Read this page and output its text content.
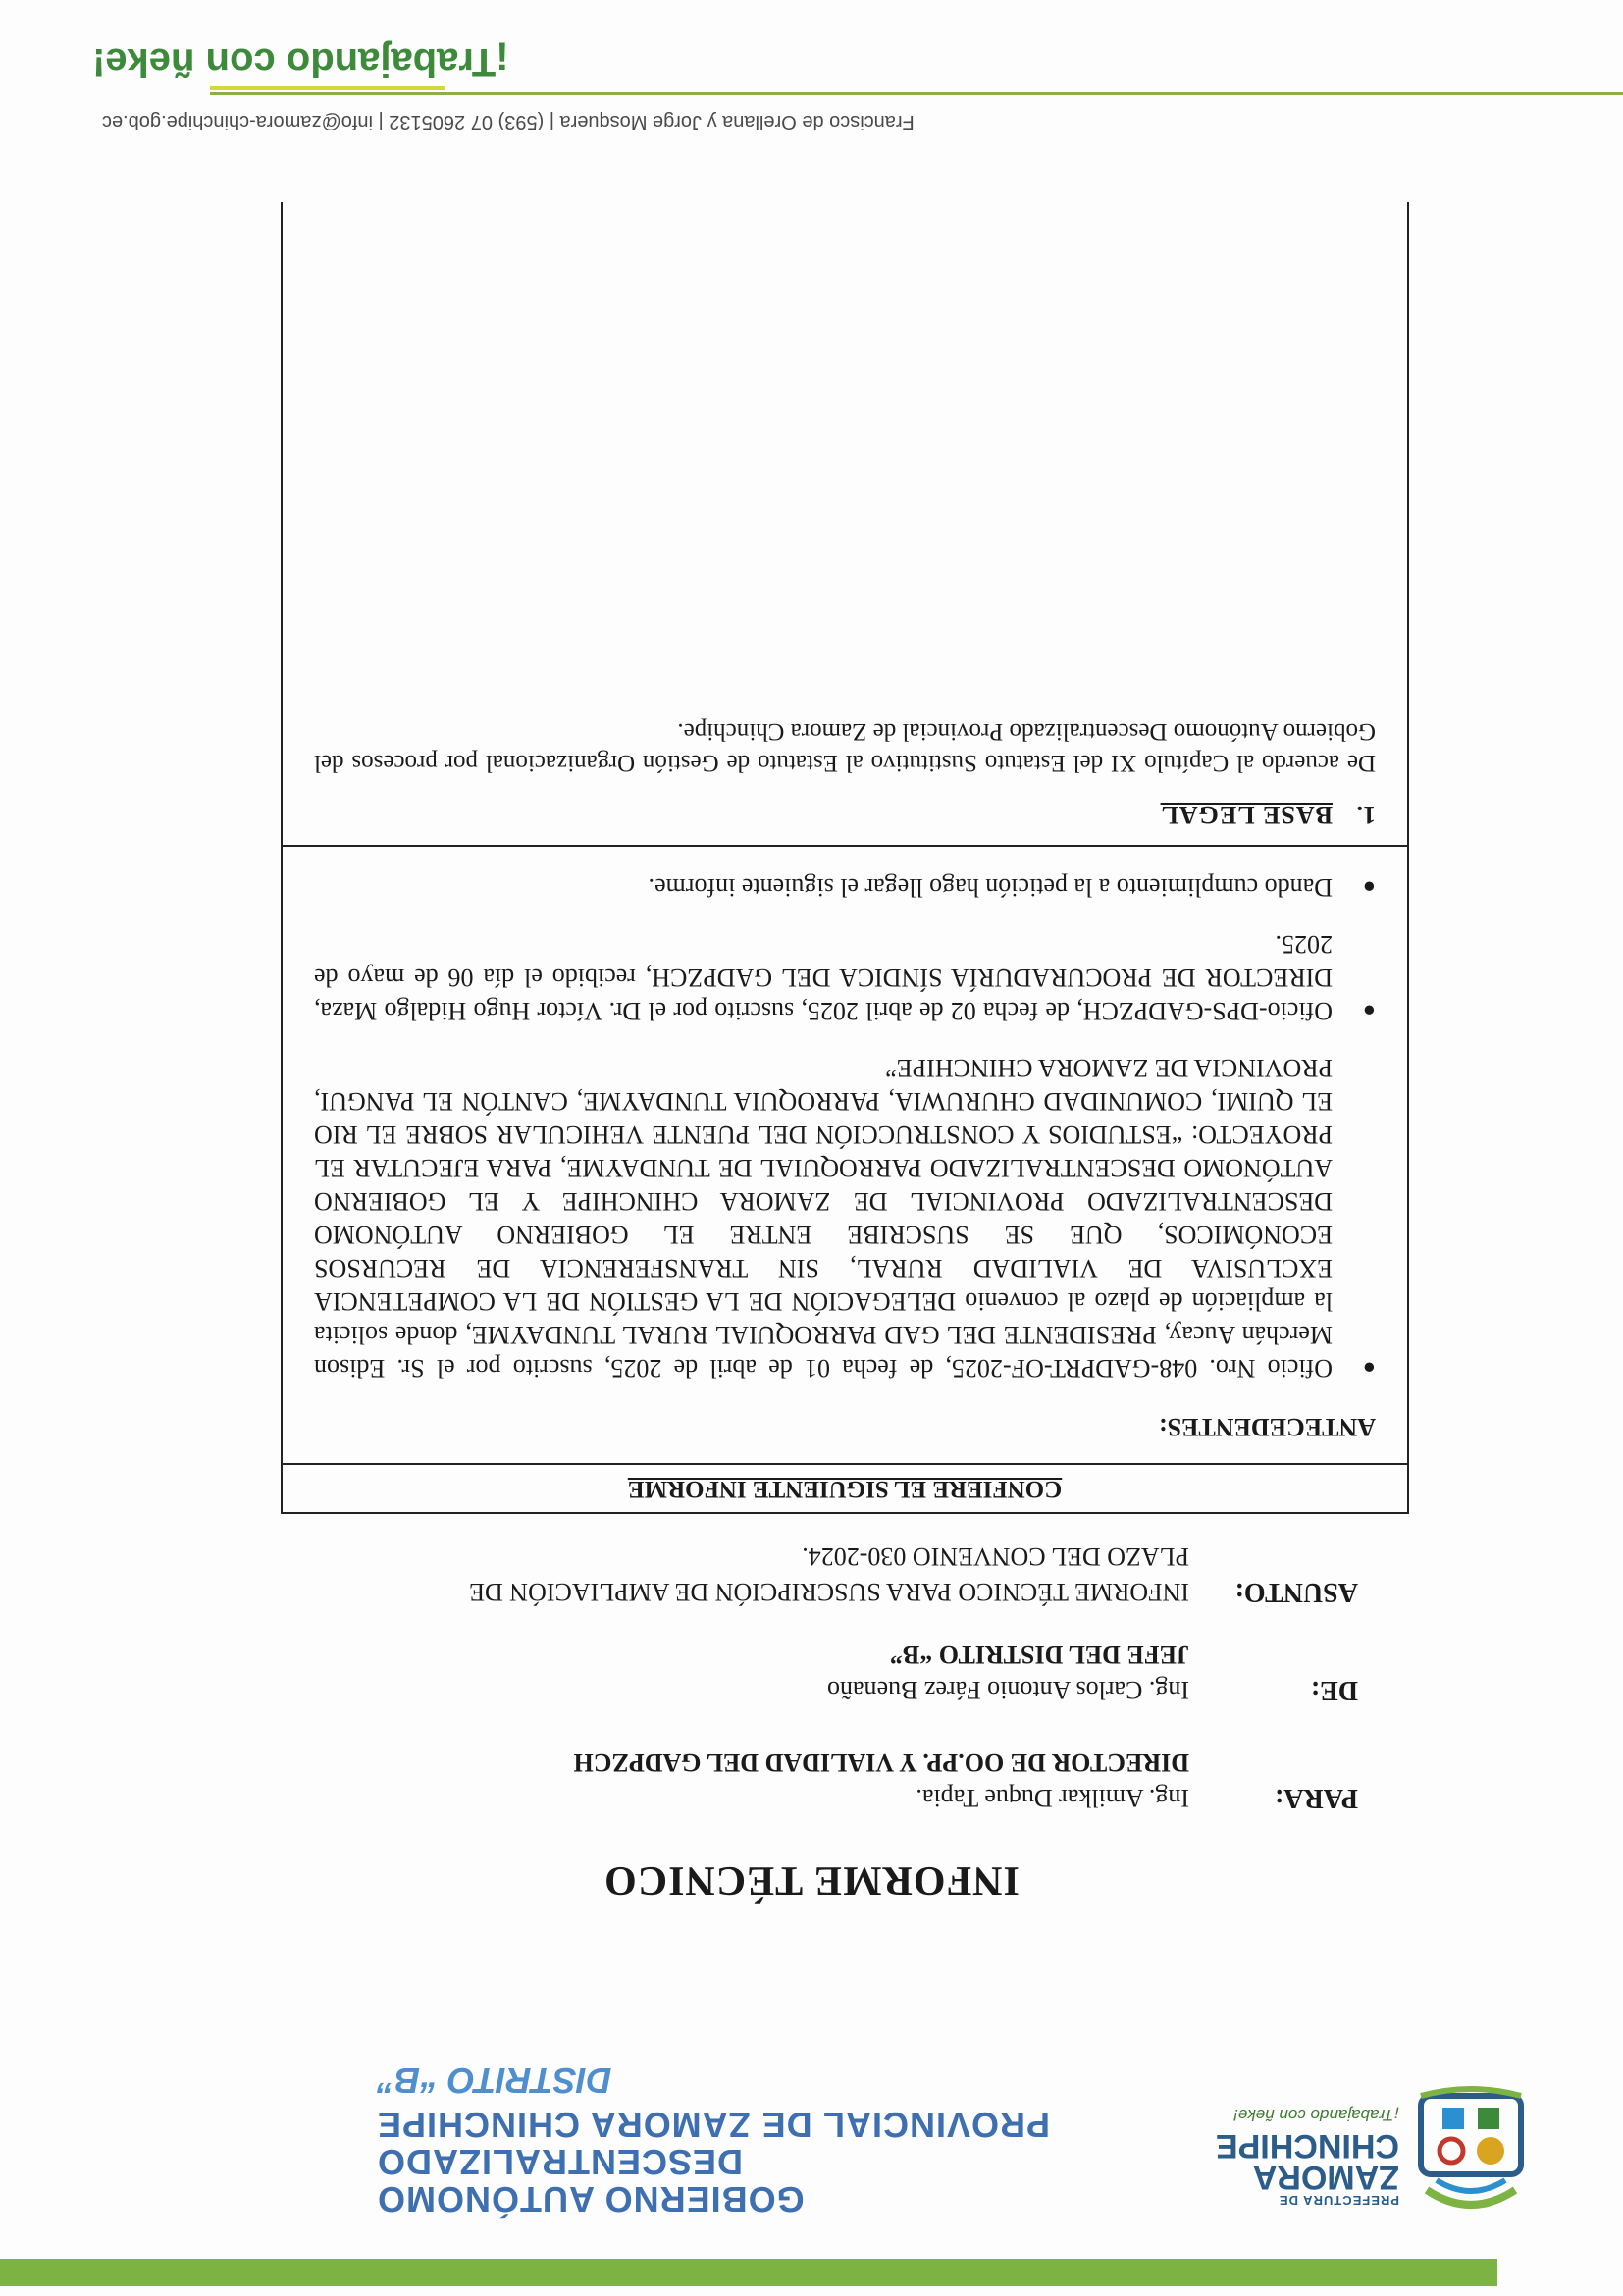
PREFECTURA DE
ZAMORA
CHINCHIPE
¡Trabajando con ñeke!
GOBIERNO AUTÓNOMO DESCENTRALIZADO
PROVINCIAL DE ZAMORA CHINCHIPE
DISTRITO “B”
INFORME TÉCNICO
PARA:
Ing. Amilkar Duque Tapia.
DIRECTOR DE OO.PP. Y VIALIDAD DEL GADPZCH
DE:
Ing. Carlos Antonio Fárez Buenaño
JEFE DEL DISTRITO “B”
ASUNTO:
INFORME TÉCNICO PARA SUSCRIPCIÓN DE AMPLIACIÓN DE
PLAZO DEL CONVENIO 030-2024.
CONFIERE EL SIGUIENTE INFORME
ANTECEDENTES:
● Oficio Nro. 048-GADPRT-OF-2025, de fecha 01 de abril de 2025, suscrito por el Sr. Edison Merchán Aucay, PRESIDENTE DEL GAD PARROQUIAL RURAL TUNDAYME, donde solicita la ampliación de plazo al convenio DELEGACIÓN DE LA GESTIÓN DE LA COMPETENCIA EXCLUSIVA DE VIALIDAD RURAL, SIN TRANSFERENCIA DE RECURSOS ECONÓMICOS, QUE SE SUSCRIBE ENTRE EL GOBIERNO AUTÓNOMO DESCENTRALIZADO PROVINCIAL DE ZAMORA CHINCHIPE Y EL GOBIERNO AUTÓNOMO DESCENTRALIZADO PARROQUIAL DE TUNDAYME, PARA EJECUTAR EL PROYECTO: “ESTUDIOS Y CONSTRUCCIÓN DEL PUENTE VEHICULAR SOBRE EL RIO EL QUIMI, COMUNIDAD CHURUWIA, PARROQUIA TUNDAYME, CANTÓN EL PANGUI, PROVINCIA DE ZAMORA CHINCHIPE”
● Oficio-DPS-GADPZCH, de fecha 02 de abril 2025, suscrito por el Dr. Víctor Hugo Hidalgo Maza, DIRECTOR DE PROCURADURÍA SÍNDICA DEL GADPZCH, recibido el día 06 de mayo de 2025.
● Dando cumplimiento a la petición hago llegar el siguiente informe.
1.BASE LEGAL
De acuerdo al Capítulo XI del Estatuto Sustitutivo al Estatuto de Gestión Organizacional por procesos del Gobierno Autónomo Descentralizado Provincial de Zamora Chinchipe.
Francisco de Orellana y Jorge Mosquera | (593) 07 2605132 | info@zamora-chinchipe.gob.ec
¡Trabajando con ñeke!
